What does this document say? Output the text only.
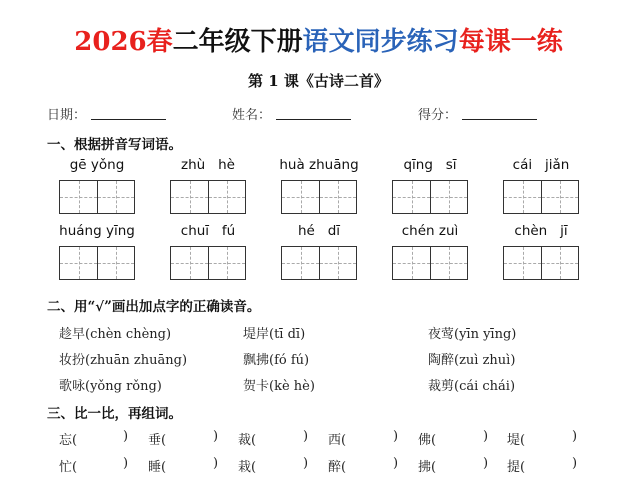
2026春二年级下册语文同步练习每课一练
第 1 课《古诗二首》
日期：	姓名：	得分：
一、根据拼音写词语。
gē yǒng	zhù   hè	huà zhuāng	qīng   sī	cái   jiǎn
huáng yīng	chuī   fú	hé   dī	chén zuì	chèn   jī
二、用“√”画出加点字的正确读音。
趁早(chèn chèng)	堤岸(tī dī)	夜莺(yīn yīng)
妆扮(zhuān zhuāng)	飘拂(fó fú)	陶醉(zuì zhuì)
歌咏(yǒng rǒng)	贺卡(kè hè)	裁剪(cái chái)
三、比一比，再组词。
忘(	) 垂(	) 裁(	) 西(	) 佛(	) 堤(	)
忙(	) 睡(	) 栽(	) 醉(	) 拂(	) 提(	)
